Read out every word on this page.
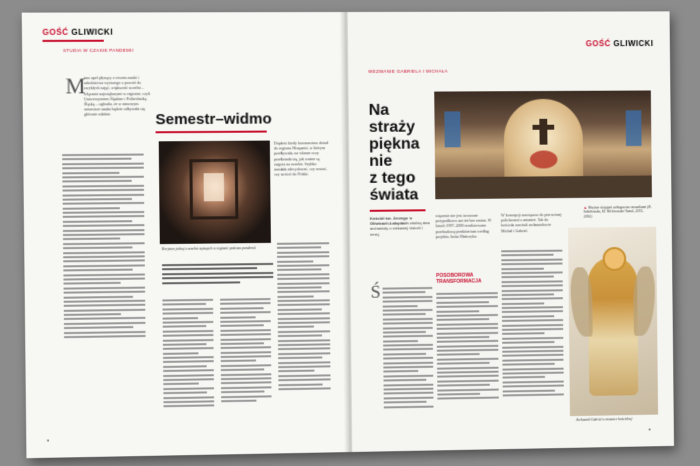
GOŚĆ GLIWICKI
STUDIA W CZASIE PANDEMII
M
imo apel płynący z resortu nauki i szkolnictwa wyższego o powrót do zwykłych zajęć, większość uczelni – włącznie największymi w regionie, czyli Uniwersytetem Śląskim i Politechniką Śląską – ogłosiła, że w zimowym semestrze nauka będzie odbywała się głównie zdalnie.	Semestr–widmo
Korytarz jednej z uczelni wyższych w regionie podczas pandemii
Dopiero kiedy koronawirus dotarł do regionu Hiszpanii, w którym przebywała, na własne oczy przekonała się, jak ważne są zajęcia na uczelni. Szybko musiała zdecydować, czy zostać, czy wrócić do Polski.
●
GOŚĆ GLIWICKI
WEZWANIE GABRIELA I MICHAŁA
Na
straży
piękna
nie
z tego
świata
Kościół św. Jerzego w Gliwicach-Łabędach zdobią dwa archanioły o ciekawej historii i mnej.
▲ Wnętrze świątyni wzbogacone mozaikami (K. Sokołowska, M. Wichrowska-Tomal, 2015–2016).
więcenie nie jest tworzone przypadkowo ani też bez zmian. W latach 1997–2000 zrealizowano przebudowę prezbiterium według projektu Jacka Mańczyka.
W koncepcji nawiązano do pierwotnej polichromii z antaniet. Tak do kościoła zawitali archaniołowie Michał i Gabriel.
POSOBOROWA TRANSFORMACJA
Ś
Archanioł Gabriel w mozaice kościelnej
●
